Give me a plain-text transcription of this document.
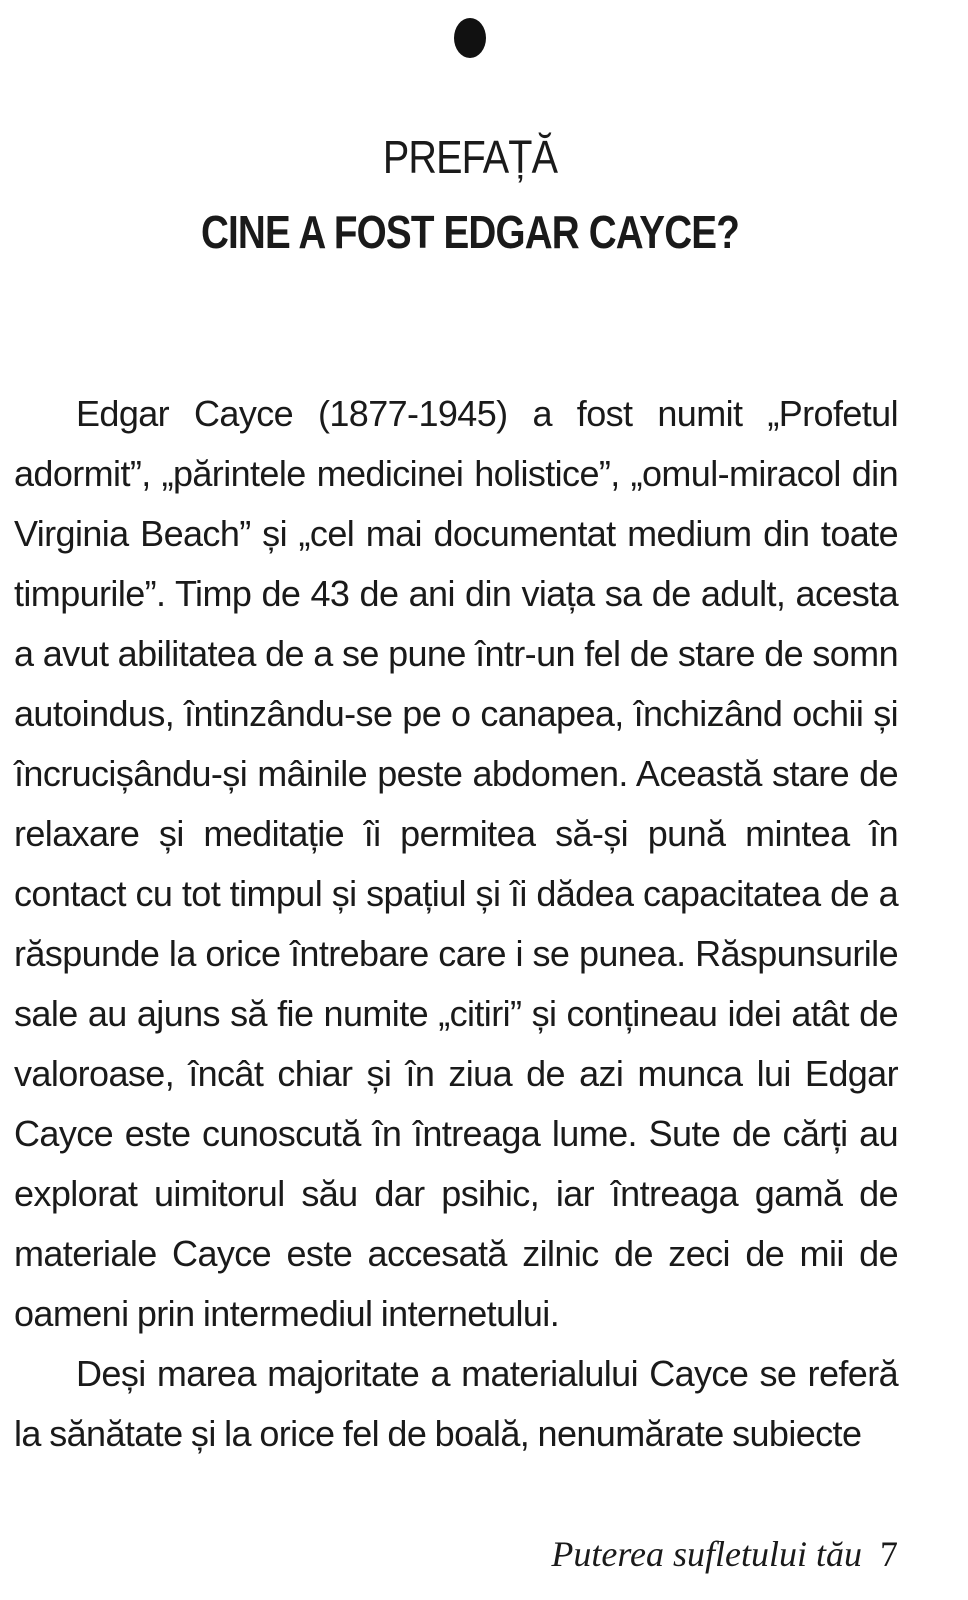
PREFAȚĂ
CINE A FOST EDGAR CAYCE?

Edgar Cayce (1877-1945) a fost numit „Profetul adormit”, „părintele medicinei holistice”, „omul-miracol din Virginia Beach” și „cel mai documentat medium din toate timpurile”. Timp de 43 de ani din viața sa de adult, acesta a avut abilitatea de a se pune într-un fel de stare de somn autoindus, întinzându-se pe o canapea, închizând ochii și încrucișându-și mâinile peste abdomen. Această stare de relaxare și meditație îi permitea să-și pună mintea în contact cu tot timpul și spațiul și îi dădea capacitatea de a răspunde la orice întrebare care i se punea. Răspunsurile sale au ajuns să fie numite „citiri” și conțineau idei atât de valoroase, încât chiar și în ziua de azi munca lui Edgar Cayce este cunoscută în întreaga lume. Sute de cărți au explorat uimitorul său dar psihic, iar întreaga gamă de materiale Cayce este accesată zilnic de zeci de mii de oameni prin intermediul internetului.

Deși marea majoritate a materialului Cayce se referă la sănătate și la orice fel de boală, nenumărate subiecte

Puterea sufletului tău 7
